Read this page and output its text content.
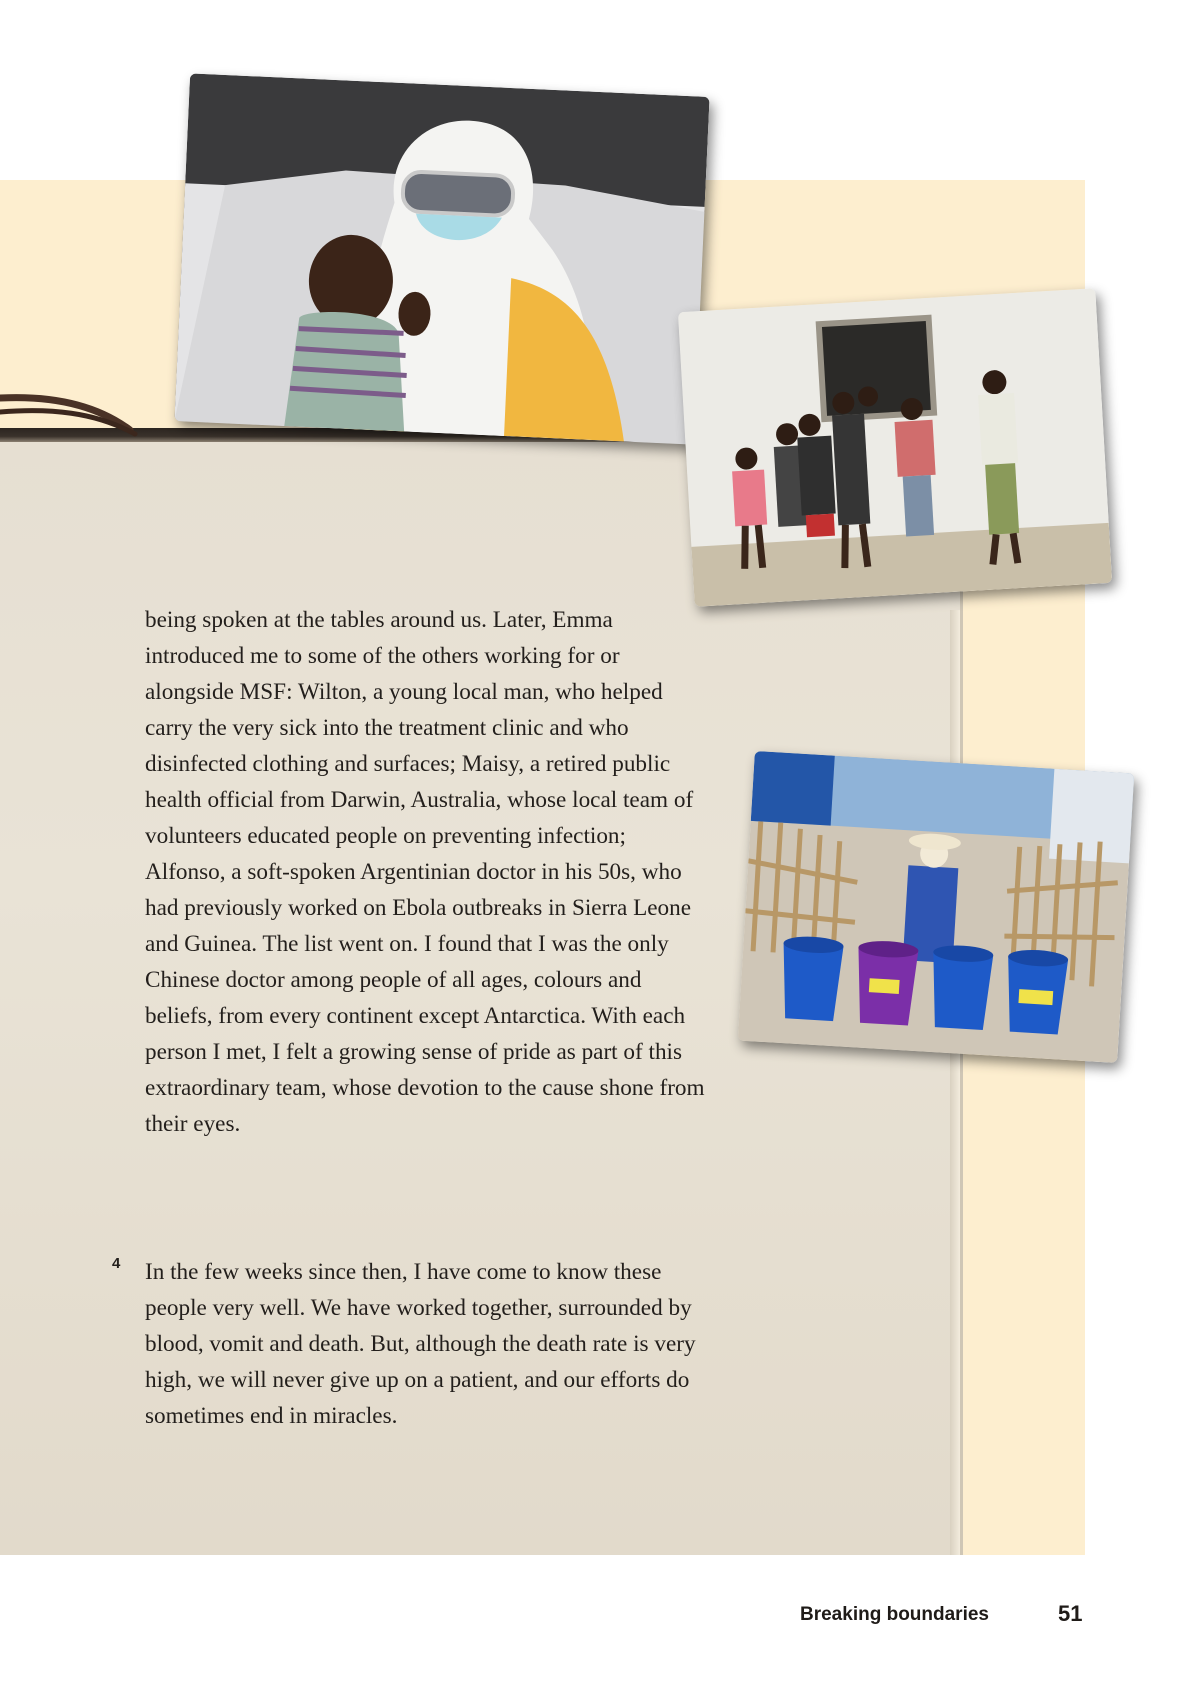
being spoken at the tables around us. Later, Emma introduced me to some of the others working for or alongside MSF: Wilton, a young local man, who helped carry the very sick into the treatment clinic and who disinfected clothing and surfaces; Maisy, a retired public health official from Darwin, Australia, whose local team of volunteers educated people on preventing infection; Alfonso, a soft-spoken Argentinian doctor in his 50s, who had previously worked on Ebola outbreaks in Sierra Leone and Guinea. The list went on. I found that I was the only Chinese doctor among people of all ages, colours and beliefs, from every continent except Antarctica. With each person I met, I felt a growing sense of pride as part of this extraordinary team, whose devotion to the cause shone from their eyes.

4 In the few weeks since then, I have come to know these people very well. We have worked together, surrounded by blood, vomit and death. But, although the death rate is very high, we will never give up on a patient, and our efforts do sometimes end in miracles.

Breaking boundaries	51
